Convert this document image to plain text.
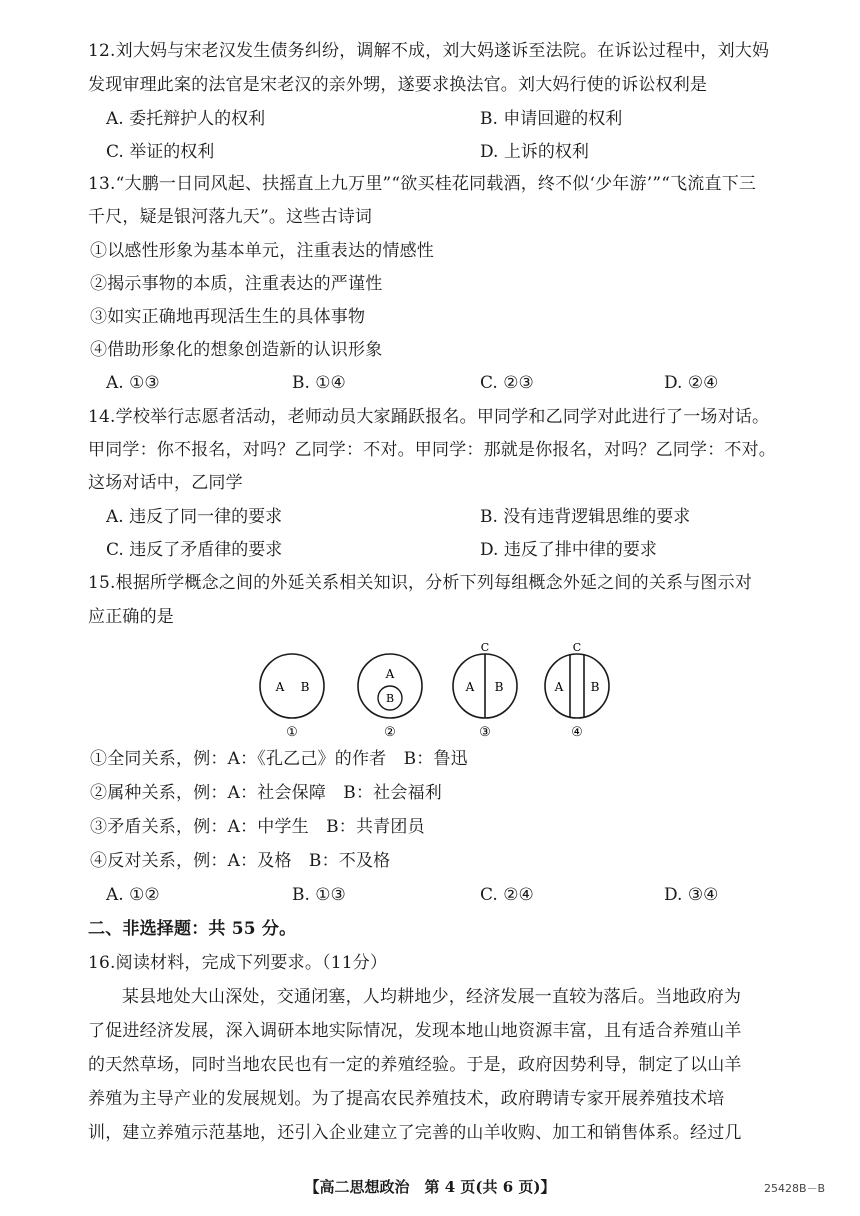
12.刘大妈与宋老汉发生债务纠纷，调解不成，刘大妈遂诉至法院。在诉讼过程中，刘大妈
发现审理此案的法官是宋老汉的亲外甥，遂要求换法官。刘大妈行使的诉讼权利是
A. 委托辩护人的权利	B. 申请回避的权利
C. 举证的权利	D. 上诉的权利
13.“大鹏一日同风起、扶摇直上九万里”“欲买桂花同载酒，终不似‘少年游’”“飞流直下三
千尺，疑是银河落九天”。这些古诗词
①以感性形象为基本单元，注重表达的情感性
②揭示事物的本质，注重表达的严谨性
③如实正确地再现活生生的具体事物
④借助形象化的想象创造新的认识形象
A. ①③	B. ①④	C. ②③	D. ②④
14.学校举行志愿者活动，老师动员大家踊跃报名。甲同学和乙同学对此进行了一场对话。
甲同学：你不报名，对吗？乙同学：不对。甲同学：那就是你报名，对吗？乙同学：不对。
这场对话中，乙同学
A. 违反了同一律的要求	B. 没有违背逻辑思维的要求
C. 违反了矛盾律的要求	D. 违反了排中律的要求
15.根据所学概念之间的外延关系相关知识，分析下列每组概念外延之间的关系与图示对
应正确的是
A B
①
A
B
②
C
A B
③
C
A B
④
①全同关系，例：A：《孔乙己》的作者　B：鲁迅
②属种关系，例：A：社会保障　B：社会福利
③矛盾关系，例：A：中学生　B：共青团员
④反对关系，例：A：及格　B：不及格
A. ①②	B. ①③	C. ②④	D. ③④
二、非选择题：共 55 分。
16.阅读材料，完成下列要求。（11分）
某县地处大山深处，交通闭塞，人均耕地少，经济发展一直较为落后。当地政府为
了促进经济发展，深入调研本地实际情况，发现本地山地资源丰富，且有适合养殖山羊
的天然草场，同时当地农民也有一定的养殖经验。于是，政府因势利导，制定了以山羊
养殖为主导产业的发展规划。为了提高农民养殖技术，政府聘请专家开展养殖技术培
训，建立养殖示范基地，还引入企业建立了完善的山羊收购、加工和销售体系。经过几
【高二思想政治　第 4 页(共 6 页)】	25428B－B
